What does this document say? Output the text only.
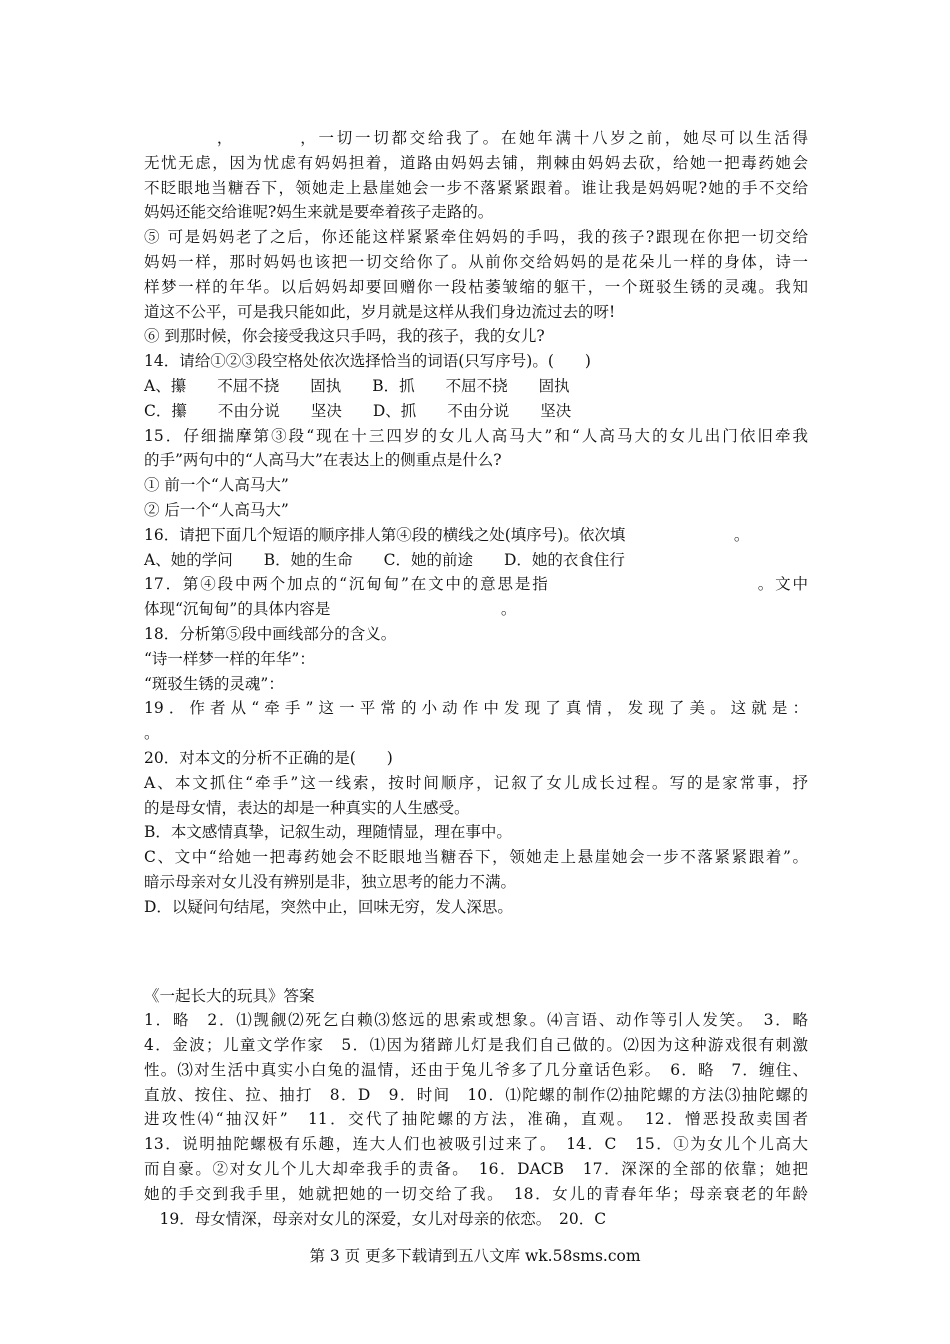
　　　　，　　　　，一切一切都交给我了。在她年满十八岁之前，她尽可以生活得
无忧无虑，因为忧虑有妈妈担着，道路由妈妈去铺，荆棘由妈妈去砍，给她一把毒药她会
不眨眼地当糖吞下，领她走上悬崖她会一步不落紧紧跟着。谁让我是妈妈呢?她的手不交给
妈妈还能交给谁呢?妈生来就是要牵着孩子走路的。
⑤ 可是妈妈老了之后，你还能这样紧紧牵住妈妈的手吗，我的孩子?跟现在你把一切交给
妈妈一样，那时妈妈也该把一切交给你了。从前你交给妈妈的是花朵儿一样的身体，诗一
样梦一样的年华。以后妈妈却要回赠你一段枯萎皱缩的躯干，一个斑驳生锈的灵魂。我知
道这不公平，可是我只能如此，岁月就是这样从我们身边流过去的呀!
⑥ 到那时候，你会接受我这只手吗，我的孩子，我的女儿?
14．请给①②③段空格处依次选择恰当的词语(只写序号)。(　　)
A、攥　　不屈不挠　　固执　　B．抓　　不屈不挠　　固执
C．攥　　不由分说　　坚决　　D、抓　　不由分说　　坚决
15．仔细揣摩第③段“现在十三四岁的女儿人高马大”和“人高马大的女儿出门依旧牵我
的手”两句中的“人高马大”在表达上的侧重点是什么?
① 前一个“人高马大”
② 后一个“人高马大”
16．请把下面几个短语的顺序排人第④段的横线之处(填序号)。依次填　　　　　　　。
A、她的学问　　B．她的生命　　C．她的前途　　D．她的衣食住行
17．第④段中两个加点的“沉甸甸”在文中的意思是指　　　　　　　　　　　　。文中
体现“沉甸甸”的具体内容是　　　　　　　　　　　。
18．分析第⑤段中画线部分的含义。
“诗一样梦一样的年华”：
“斑驳生锈的灵魂”：
19．作者从“牵手”这一平常的小动作中发现了真情，发现了美。这就是：
。
20．对本文的分析不正确的是(　　)
A、本文抓住“牵手”这一线索，按时间顺序，记叙了女儿成长过程。写的是家常事，抒
的是母女情，表达的却是一种真实的人生感受。
B．本文感情真挚，记叙生动，理随情显，理在事中。
C、文中“给她一把毒药她会不眨眼地当糖吞下，领她走上悬崖她会一步不落紧紧跟着”。
暗示母亲对女儿没有辨别是非，独立思考的能力不满。
D．以疑问句结尾，突然中止，回味无穷，发人深思。
《一起长大的玩具》答案
1．略　2．⑴觊觎⑵死乞白赖⑶悠远的思索或想象。⑷言语、动作等引人发笑。　3．略
4．金波；儿童文学作家　5．⑴因为猪蹄儿灯是我们自己做的。⑵因为这种游戏很有刺激
性。⑶对生活中真实小白兔的温情，还由于兔儿爷多了几分童话色彩。　6．略　7．缠住、
直放、按住、拉、抽打　8．D　9．时间　10．⑴陀螺的制作⑵抽陀螺的方法⑶抽陀螺的
进攻性⑷“抽汉奸”　11．交代了抽陀螺的方法，准确，直观。　12．憎恶投敌卖国者
13．说明抽陀螺极有乐趣，连大人们也被吸引过来了。　14．C　15．①为女儿个儿高大
而自豪。②对女儿个儿大却牵我手的责备。　16．DACB　17．深深的全部的依靠；她把
她的手交到我手里，她就把她的一切交给了我。　18．女儿的青春年华；母亲衰老的年龄
　19．母女情深，母亲对女儿的深爱，女儿对母亲的依恋。　20．C
第 3 页 更多下载请到五八文库 wk.58sms.com
